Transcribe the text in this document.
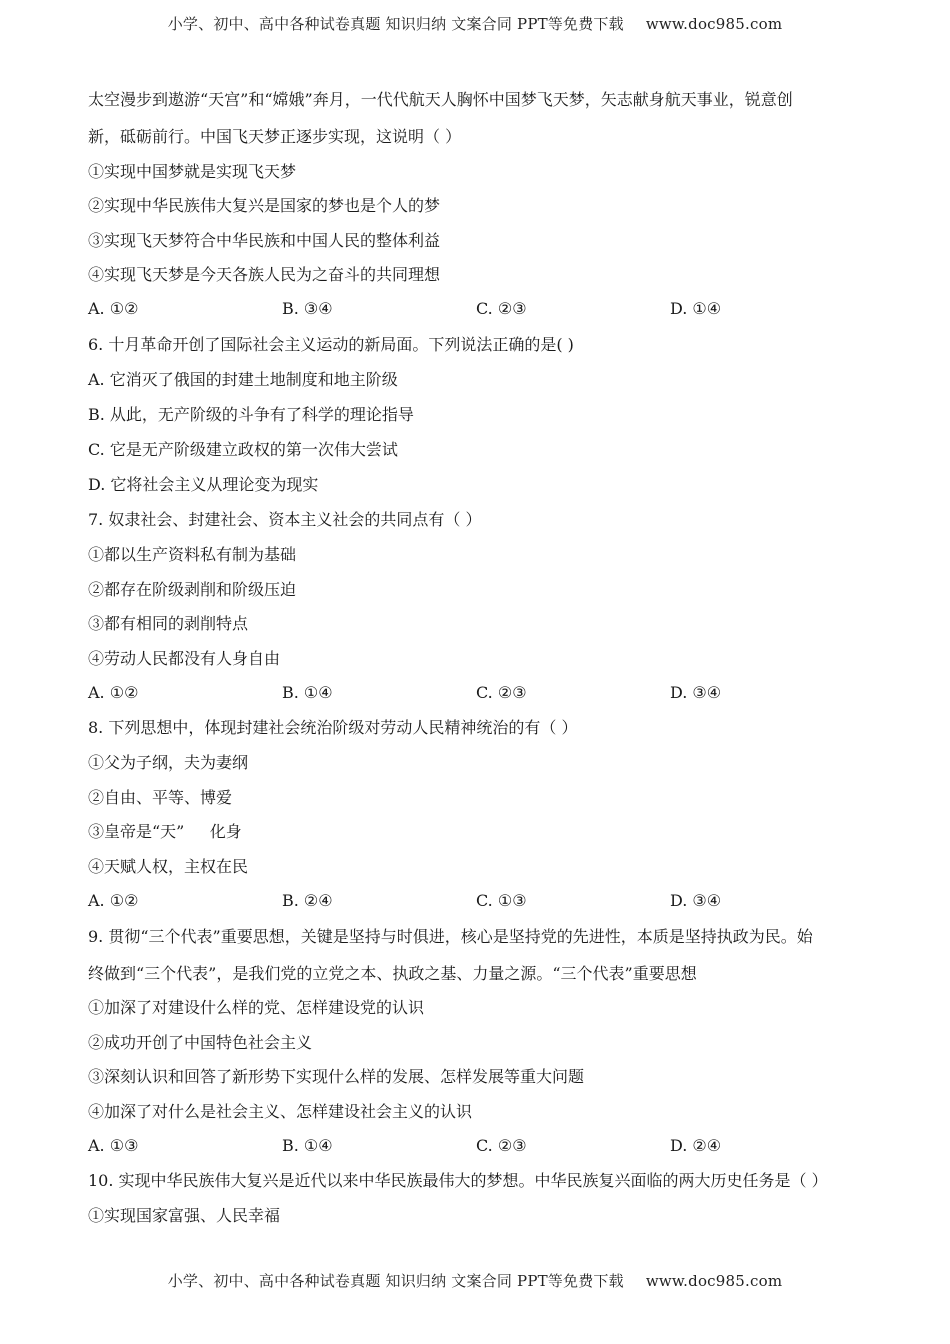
小学、初中、高中各种试卷真题 知识归纳 文案合同 PPT等免费下载 www.doc985.com
太空漫步到遨游“天宫”和“嫦娥”奔月，一代代航天人胸怀中国梦飞天梦，矢志献身航天事业，锐意创
新，砥砺前行。中国飞天梦正逐步实现，这说明（ ）
①实现中国梦就是实现飞天梦
②实现中华民族伟大复兴是国家的梦也是个人的梦
③实现飞天梦符合中华民族和中国人民的整体利益
④实现飞天梦是今天各族人民为之奋斗的共同理想
A. ①②	B. ③④	C. ②③	D. ①④
6. 十月革命开创了国际社会主义运动的新局面。下列说法正确的是( )
A. 它消灭了俄国的封建土地制度和地主阶级
B. 从此，无产阶级的斗争有了科学的理论指导
C. 它是无产阶级建立政权的第一次伟大尝试
D. 它将社会主义从理论变为现实
7. 奴隶社会、封建社会、资本主义社会的共同点有（ ）
①都以生产资料私有制为基础
②都存在阶级剥削和阶级压迫
③都有相同的剥削特点
④劳动人民都没有人身自由
A. ①②	B. ①④	C. ②③	D. ③④
8. 下列思想中，体现封建社会统治阶级对劳动人民精神统治的有（ ）
①父为子纲，夫为妻纲
②自由、平等、博爱
③皇帝是“天”     化身
④天赋人权，主权在民
A. ①②	B. ②④	C. ①③	D. ③④
9. 贯彻“三个代表”重要思想，关键是坚持与时俱进，核心是坚持党的先进性，本质是坚持执政为民。始
终做到“三个代表”，是我们党的立党之本、执政之基、力量之源。“三个代表”重要思想
①加深了对建设什么样的党、怎样建设党的认识
②成功开创了中国特色社会主义
③深刻认识和回答了新形势下实现什么样的发展、怎样发展等重大问题
④加深了对什么是社会主义、怎样建设社会主义的认识
A. ①③	B. ①④	C. ②③	D. ②④
10. 实现中华民族伟大复兴是近代以来中华民族最伟大的梦想。中华民族复兴面临的两大历史任务是（ ）
①实现国家富强、人民幸福
小学、初中、高中各种试卷真题 知识归纳 文案合同 PPT等免费下载 www.doc985.com
